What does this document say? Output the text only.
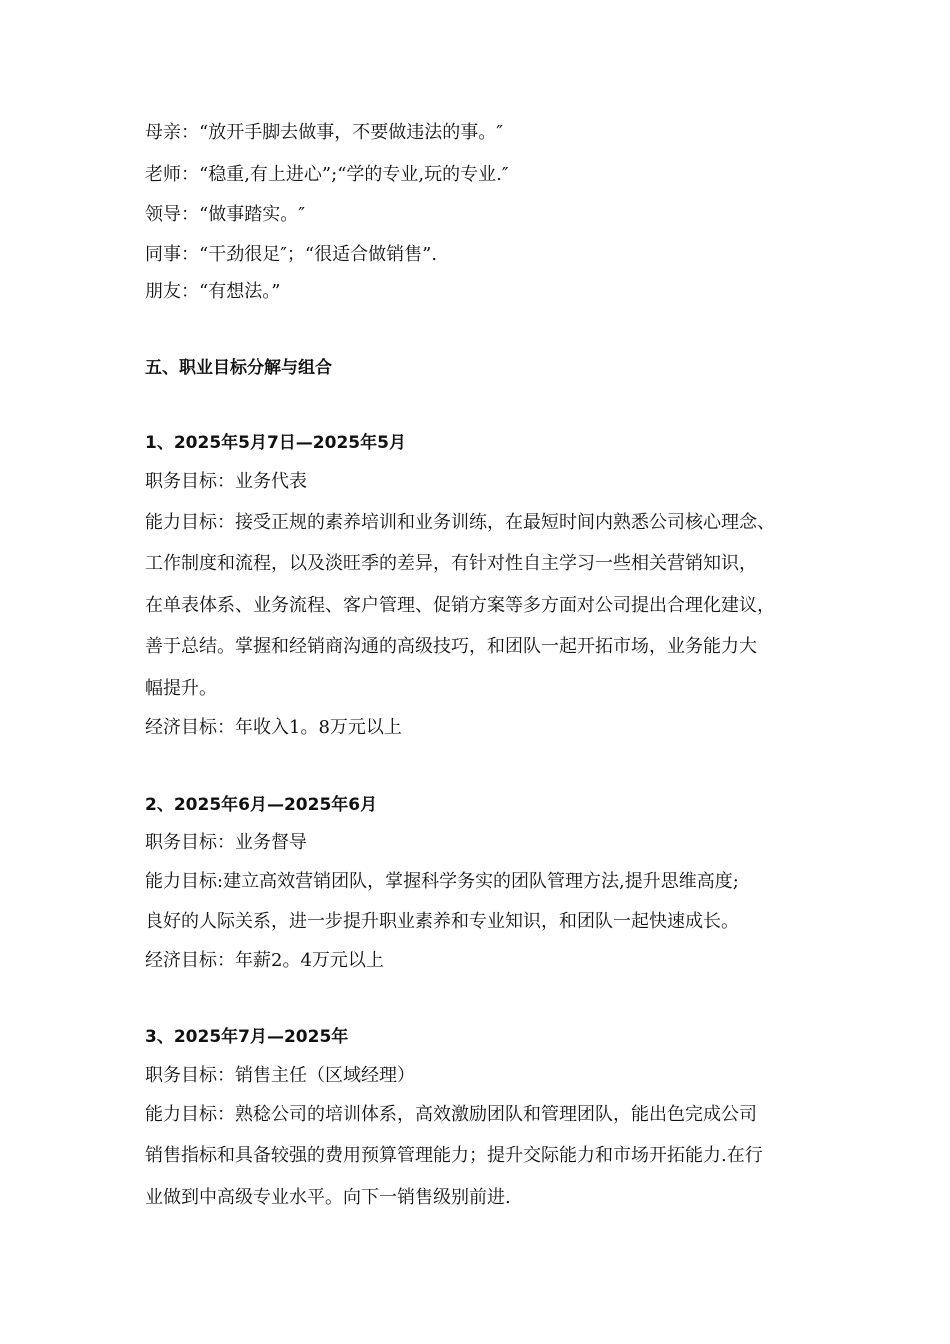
母亲：“放开手脚去做事，不要做违法的事。″
老师：“稳重,有上进心”;“学的专业,玩的专业.″
领导：“做事踏实。″
同事：“干劲很足″；“很适合做销售”.
朋友：“有想法。”
五、职业目标分解与组合
1、2025年5月7日—2025年5月
职务目标：业务代表
能力目标：接受正规的素养培训和业务训练，在最短时间内熟悉公司核心理念、
工作制度和流程，以及淡旺季的差异，有针对性自主学习一些相关营销知识，
在单表体系、业务流程、客户管理、促销方案等多方面对公司提出合理化建议，
善于总结。掌握和经销商沟通的高级技巧，和团队一起开拓市场，业务能力大
幅提升。
经济目标：年收入1。8万元以上
2、2025年6月—2025年6月
职务目标：业务督导
能力目标:建立高效营销团队，掌握科学务实的团队管理方法,提升思维高度;
良好的人际关系，进一步提升职业素养和专业知识，和团队一起快速成长。
经济目标：年薪2。4万元以上
3、2025年7月—2025年
职务目标：销售主任（区域经理）
能力目标：熟稔公司的培训体系，高效激励团队和管理团队，能出色完成公司
销售指标和具备较强的费用预算管理能力；提升交际能力和市场开拓能力.在行
业做到中高级专业水平。向下一销售级别前进.
